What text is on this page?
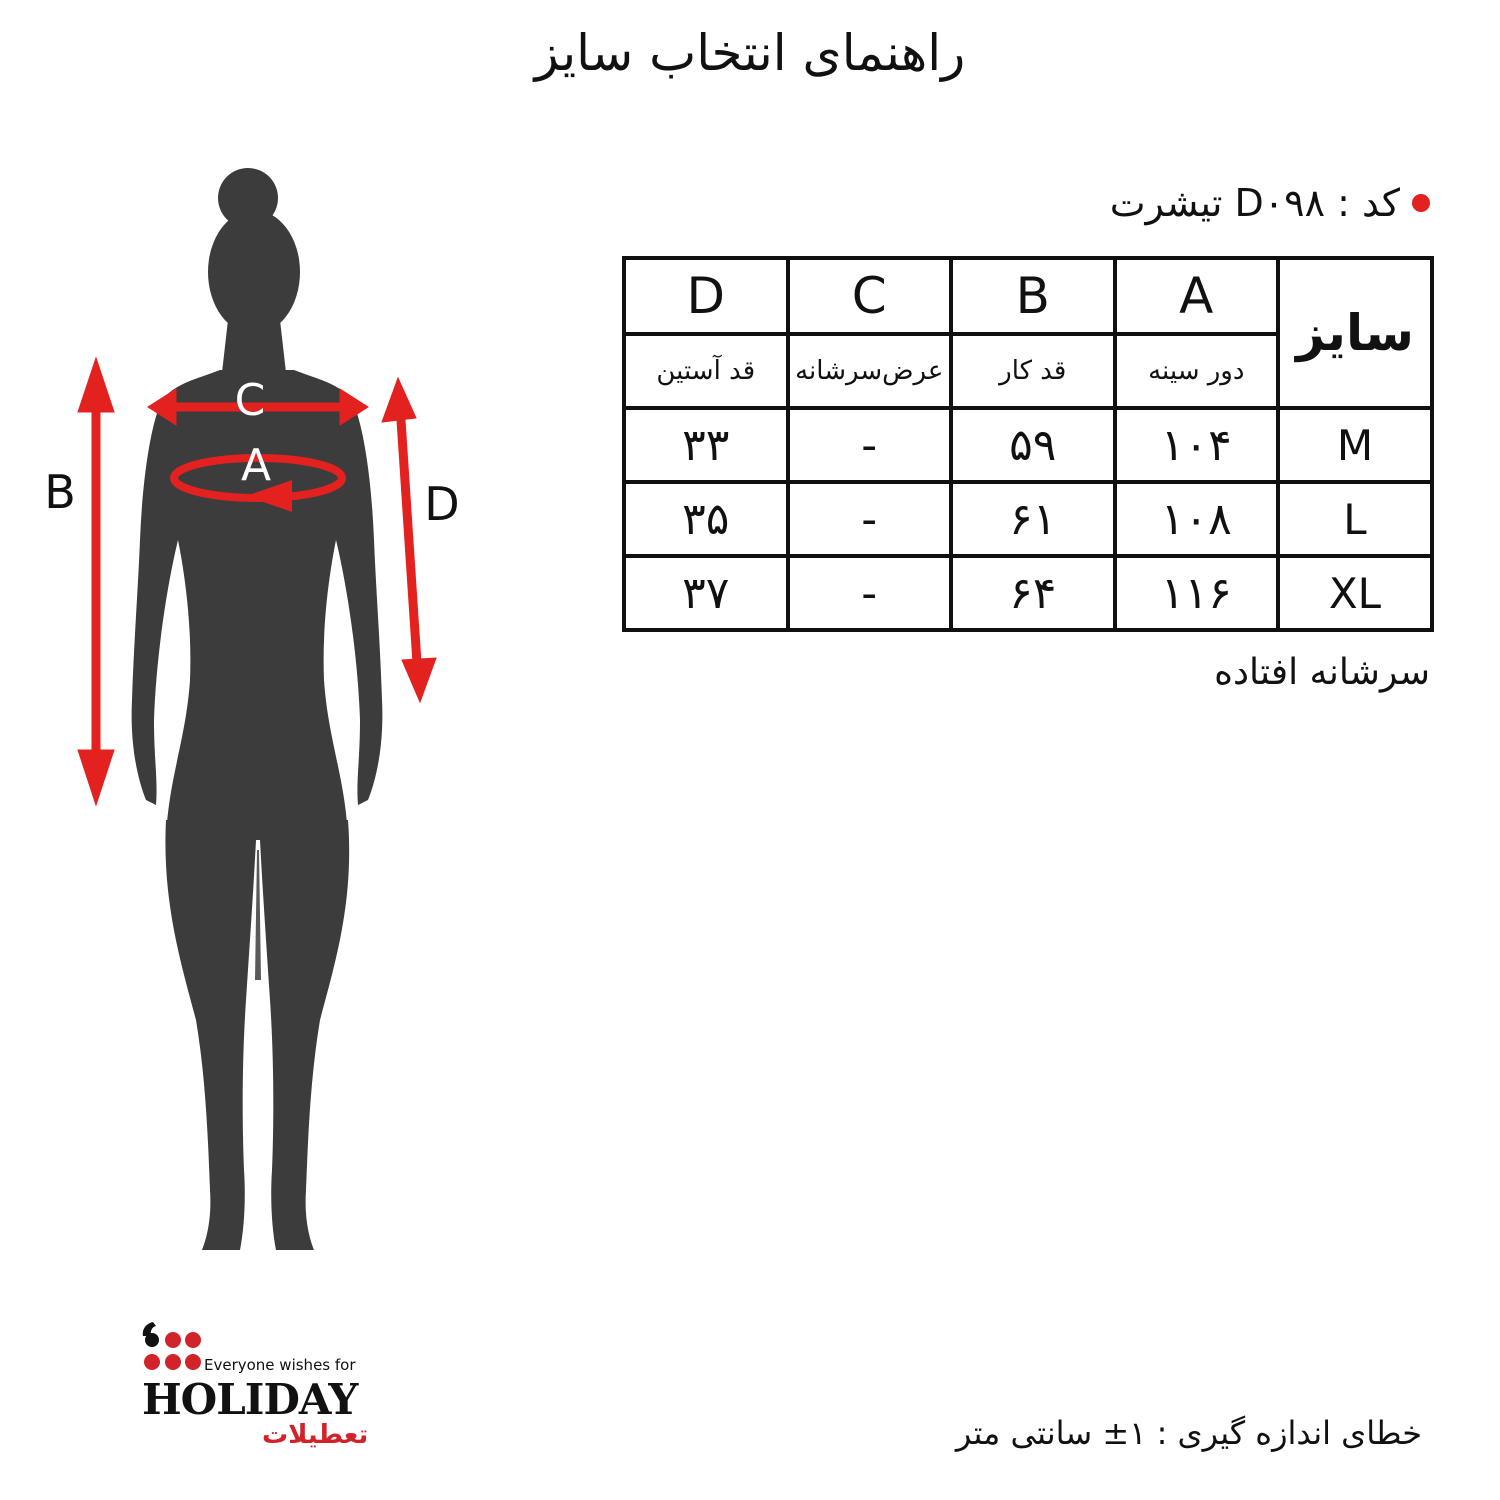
راهنمای انتخاب سایز
C
A
B	D
کد : D۰۹۸ تیشرت
سایز	A	B	C	D
	دور سینه	قد کار	عرض‌سرشانه	قد آستین
M	۱۰۴	۵۹	-	۳۳
L	۱۰۸	۶۱	-	۳۵
XL	۱۱۶	۶۴	-	۳۷
سرشانه افتاده
خطای اندازه گیری : ۱± سانتی متر
Everyone wishes for
HOLIDAY
تعطیلات
